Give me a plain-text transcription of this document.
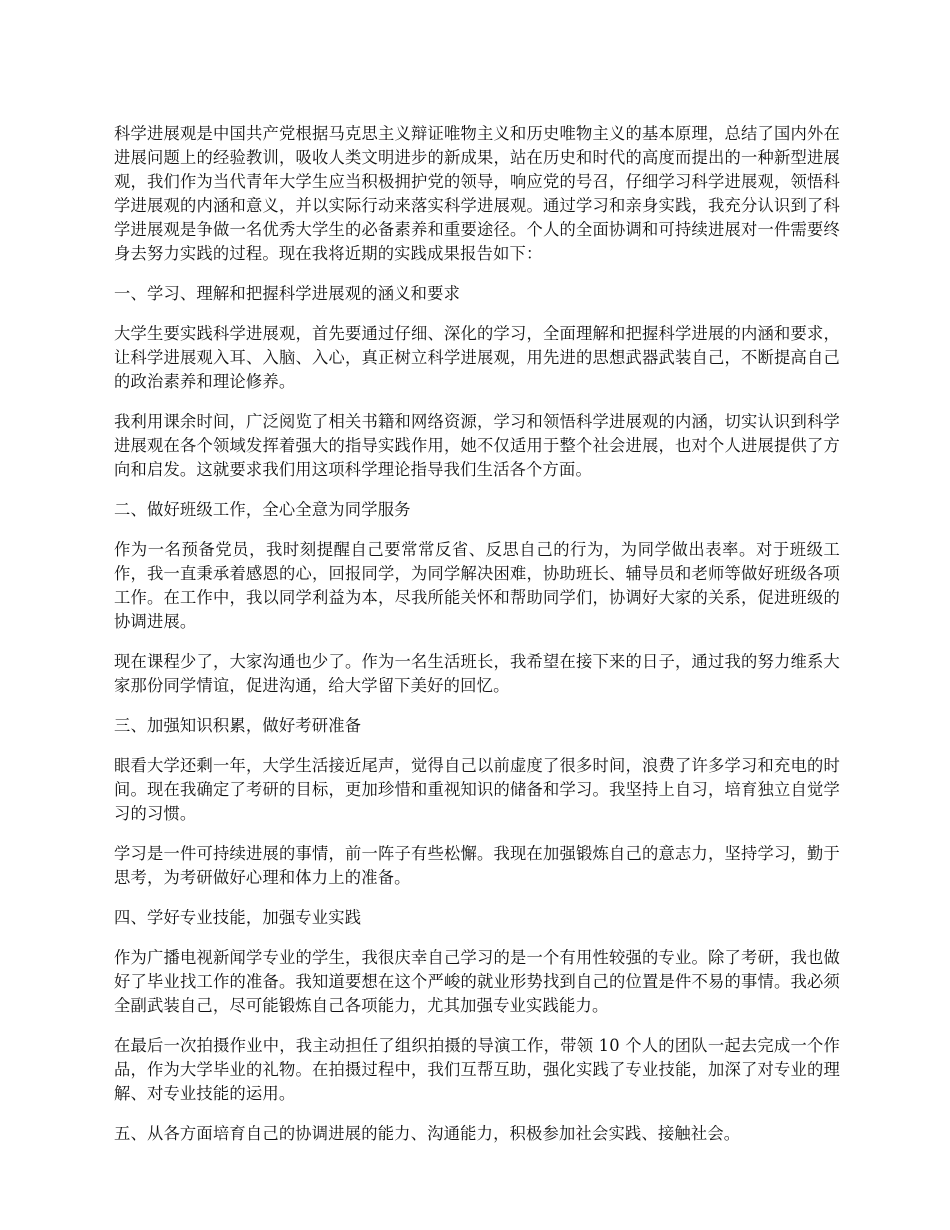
科学进展观是中国共产党根据马克思主义辩证唯物主义和历史唯物主义的基本原理，总结了国内外在进展问题上的经验教训，吸收人类文明进步的新成果，站在历史和时代的高度而提出的一种新型进展观，我们作为当代青年大学生应当积极拥护党的领导，响应党的号召，仔细学习科学进展观，领悟科学进展观的内涵和意义，并以实际行动来落实科学进展观。通过学习和亲身实践，我充分认识到了科学进展观是争做一名优秀大学生的必备素养和重要途径。个人的全面协调和可持续进展对一件需要终身去努力实践的过程。现在我将近期的实践成果报告如下：

一、学习、理解和把握科学进展观的涵义和要求

大学生要实践科学进展观，首先要通过仔细、深化的学习，全面理解和把握科学进展的内涵和要求，让科学进展观入耳、入脑、入心，真正树立科学进展观，用先进的思想武器武装自己，不断提高自己的政治素养和理论修养。

我利用课余时间，广泛阅览了相关书籍和网络资源，学习和领悟科学进展观的内涵，切实认识到科学进展观在各个领域发挥着强大的指导实践作用，她不仅适用于整个社会进展，也对个人进展提供了方向和启发。这就要求我们用这项科学理论指导我们生活各个方面。

二、做好班级工作，全心全意为同学服务

作为一名预备党员，我时刻提醒自己要常常反省、反思自己的行为，为同学做出表率。对于班级工作，我一直秉承着感恩的心，回报同学，为同学解决困难，协助班长、辅导员和老师等做好班级各项工作。在工作中，我以同学利益为本，尽我所能关怀和帮助同学们，协调好大家的关系，促进班级的协调进展。

现在课程少了，大家沟通也少了。作为一名生活班长，我希望在接下来的日子，通过我的努力维系大家那份同学情谊，促进沟通，给大学留下美好的回忆。

三、加强知识积累，做好考研准备

眼看大学还剩一年，大学生活接近尾声，觉得自己以前虚度了很多时间，浪费了许多学习和充电的时间。现在我确定了考研的目标，更加珍惜和重视知识的储备和学习。我坚持上自习，培育独立自觉学习的习惯。

学习是一件可持续进展的事情，前一阵子有些松懈。我现在加强锻炼自己的意志力，坚持学习，勤于思考，为考研做好心理和体力上的准备。

四、学好专业技能，加强专业实践

作为广播电视新闻学专业的学生，我很庆幸自己学习的是一个有用性较强的专业。除了考研，我也做好了毕业找工作的准备。我知道要想在这个严峻的就业形势找到自己的位置是件不易的事情。我必须全副武装自己，尽可能锻炼自己各项能力，尤其加强专业实践能力。

在最后一次拍摄作业中，我主动担任了组织拍摄的导演工作，带领 10 个人的团队一起去完成一个作品，作为大学毕业的礼物。在拍摄过程中，我们互帮互助，强化实践了专业技能，加深了对专业的理解、对专业技能的运用。

五、从各方面培育自己的协调进展的能力、沟通能力，积极参加社会实践、接触社会。
